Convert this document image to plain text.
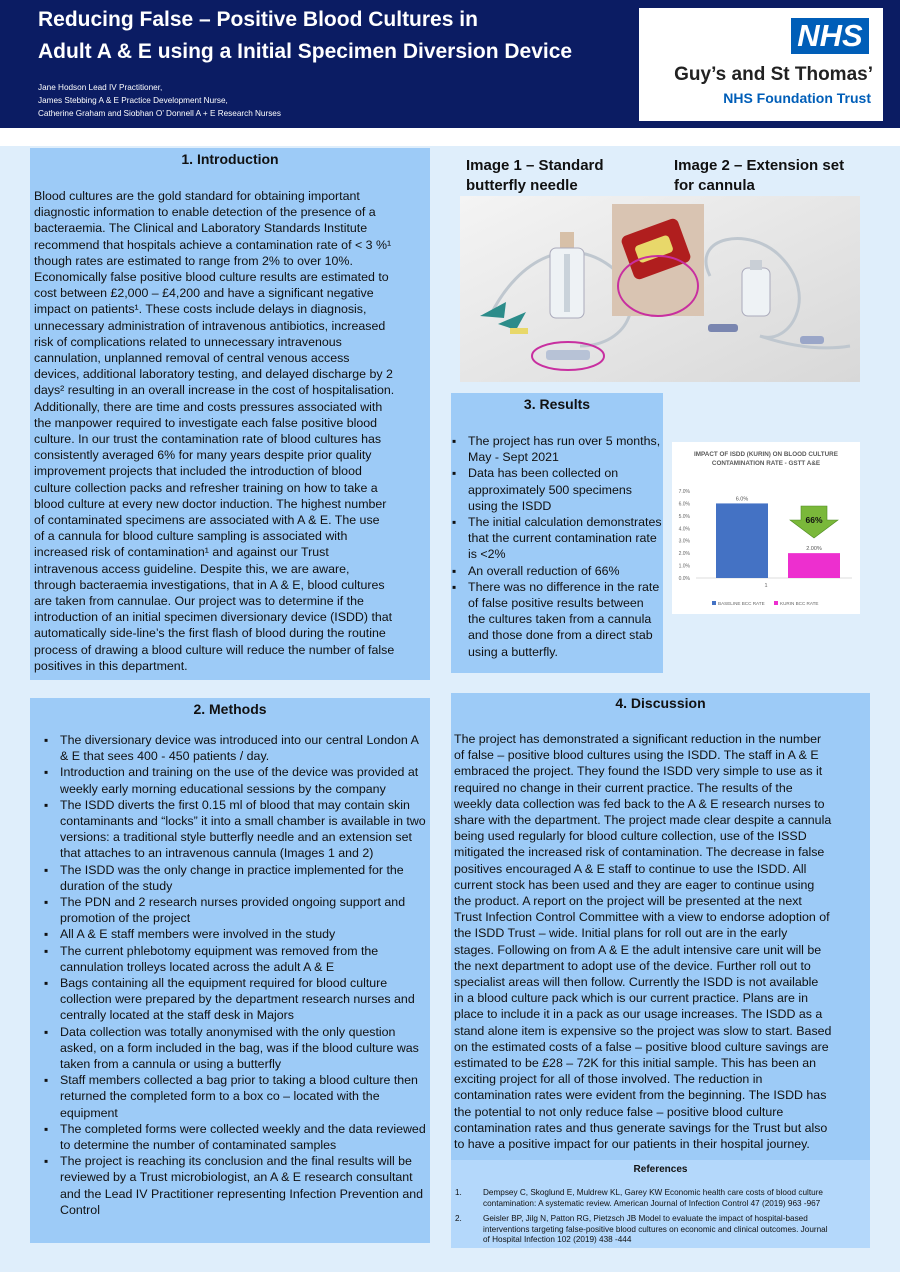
Reducing False – Positive Blood Cultures in
Adult A & E using a Initial Specimen Diversion Device
Jane Hodson Lead IV Practitioner,
James Stebbing A & E Practice Development Nurse,
Catherine Graham and Siobhan O’ Donnell A + E Research Nurses
NHS
Guy’s and St Thomas’
NHS Foundation Trust
1. Introduction
Blood cultures are the gold standard for obtaining important
diagnostic information to enable detection of the presence of a
bacteraemia. The Clinical and Laboratory Standards Institute
recommend that hospitals achieve a contamination rate of < 3 %¹
though rates are estimated to range from 2% to over 10%.
Economically false positive blood culture results are estimated to
cost between £2,000 – £4,200 and have a significant negative
impact on patients¹. These costs include delays in diagnosis,
unnecessary administration of intravenous antibiotics, increased
risk of complications related to unnecessary intravenous
cannulation, unplanned removal of central venous access
devices, additional laboratory testing, and delayed discharge by 2
days² resulting in an overall increase in the cost of hospitalisation.
Additionally, there are time and costs pressures associated with
the manpower required to investigate each false positive blood
culture. In our trust the contamination rate of blood cultures has
consistently averaged 6% for many years despite prior quality
improvement projects that included the introduction of blood
culture collection packs and refresher training on how to take a
blood culture at every new doctor induction. The highest number
of contaminated specimens are associated with A & E. The use
of a cannula for blood culture sampling is associated with
increased risk of contamination¹ and against our Trust
intravenous access guideline. Despite this, we are aware,
through bacteraemia investigations, that in A & E, blood cultures
are taken from cannulae. Our project was to determine if the
introduction of an initial specimen diversionary device (ISDD) that
automatically side-line’s the first flash of blood during the routine
process of drawing a blood culture will reduce the number of false
positives in this department.
2. Methods
▪ The diversionary device was introduced into our central London A & E that sees 400 - 450 patients / day.
▪ Introduction and training on the use of the device was provided at weekly early morning educational sessions by the company
▪ The ISDD diverts the first 0.15 ml of blood that may contain skin contaminants and “locks” it into a small chamber is available in two versions: a traditional style butterfly needle and an extension set that attaches to an intravenous cannula (Images 1 and 2)
▪ The ISDD was the only change in practice implemented for the duration of the study
▪ The PDN and 2 research nurses provided ongoing support and promotion of the project
▪ All A & E staff members were involved in the study
▪ The current phlebotomy equipment was removed from the cannulation trolleys located across the adult A & E
▪ Bags containing all the equipment required for blood culture collection were prepared by the department research nurses and centrally located at the staff desk in Majors
▪ Data collection was totally anonymised with the only question asked, on a form included in the bag, was if the blood culture was taken from a cannula or using a butterfly
▪ Staff members collected a bag prior to taking a blood culture then returned the completed form to a box co – located with the equipment
▪ The completed forms were collected weekly and the data reviewed to determine the number of contaminated samples
▪ The project is reaching its conclusion and the final results will be reviewed by a Trust microbiologist, an A & E research consultant and the Lead IV Practitioner representing Infection Prevention and Control
Image 1 – Standard butterfly needle
Image 2 – Extension set for cannula
3. Results
▪ The project has run over 5 months, May - Sept 2021
▪ Data has been collected on approximately 500 specimens using the ISDD
▪ The initial calculation demonstrates that the current contamination rate is <2%
▪ An overall reduction of 66%
▪ There was no difference in the rate of false positive results between the cultures taken from a cannula and those done from a direct stab using a butterfly.
IMPACT OF ISDD (KURIN) ON BLOOD CULTURE
CONTAMINATION RATE - GSTT A&E
0.0%
1.0%
2.0%
3.0%
4.0%
5.0%
6.0%
7.0%
6.0%
2.00%
1
66%
BASELINE BCC RATE	KURIN BCC RATE
4. Discussion
The project has demonstrated a significant reduction in the number
of false – positive blood cultures using the ISDD. The staff in A & E
embraced the project. They found the ISDD very simple to use as it
required no change in their current practice. The results of the
weekly data collection was fed back to the A & E research nurses to
share with the department. The project made clear despite a cannula
being used regularly for blood culture collection, use of the ISSD
mitigated the increased risk of contamination. The decrease in false
positives encouraged A & E staff to continue to use the ISDD. All
current stock has been used and they are eager to continue using
the product. A report on the project will be presented at the next
Trust Infection Control Committee with a view to endorse adoption of
the ISDD Trust – wide. Initial plans for roll out are in the early
stages. Following on from A & E the adult intensive care unit will be
the next department to adopt use of the device. Further roll out to
specialist areas will then follow. Currently the ISDD is not available
in a blood culture pack which is our current practice. Plans are in
place to include it in a pack as our usage increases. The ISDD as a
stand alone item is expensive so the project was slow to start. Based
on the estimated costs of a false – positive blood culture savings are
estimated to be £28 – 72K for this initial sample. This has been an
exciting project for all of those involved. The reduction in
contamination rates were evident from the beginning. The ISDD has
the potential to not only reduce false – positive blood culture
contamination rates and thus generate savings for the Trust but also
to have a positive impact for our patients in their hospital journey.
References
1.	Dempsey C, Skoglund E, Muldrew KL, Garey KW Economic health care costs of blood culture
contamination: A systematic review. American Journal of Infection Control 47 (2019) 963 -967
2.	Geisler BP, Jilg N, Patton RG, Pietzsch JB Model to evaluate the impact of hospital-based
interventions targeting false-positive blood cultures on economic and clinical outcomes. Journal
of Hospital Infection 102 (2019) 438 -444
